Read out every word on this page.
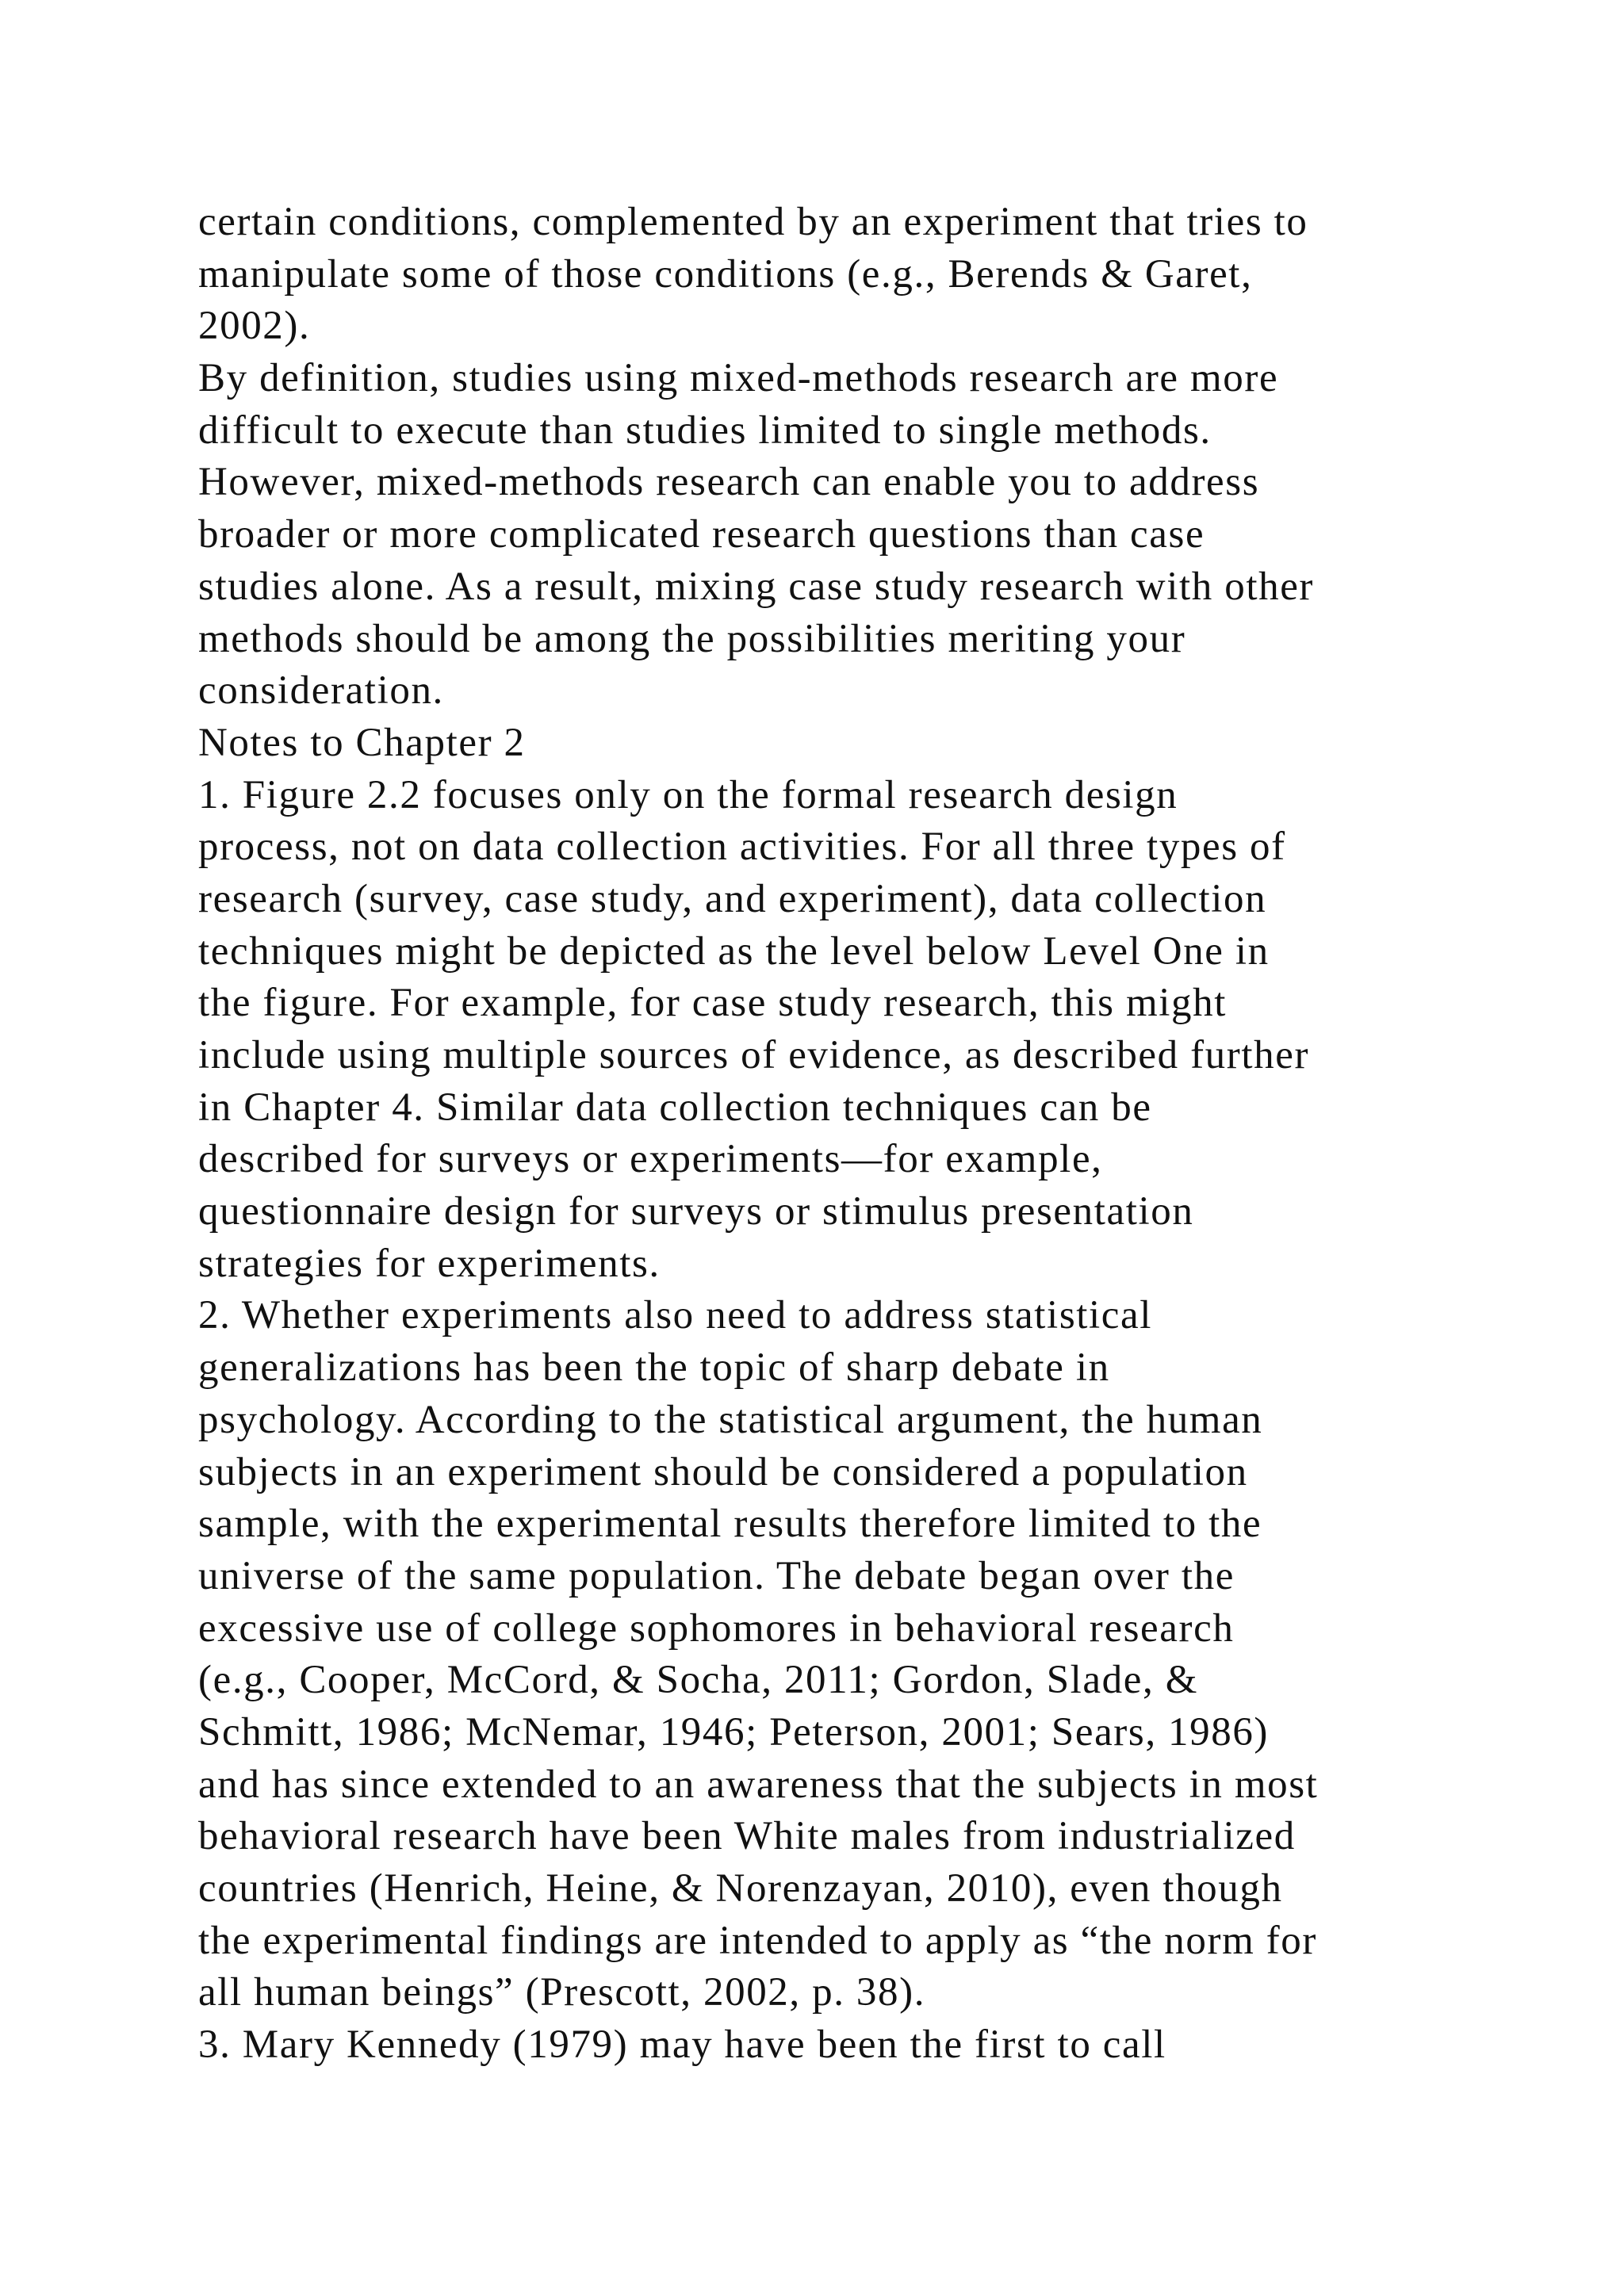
certain conditions, complemented by an experiment that tries to
manipulate some of those conditions (e.g., Berends & Garet,
2002).
By definition, studies using mixed-methods research are more
difficult to execute than studies limited to single methods.
However, mixed-methods research can enable you to address
broader or more complicated research questions than case
studies alone. As a result, mixing case study research with other
methods should be among the possibilities meriting your
consideration.
Notes to Chapter 2
1. Figure 2.2 focuses only on the formal research design
process, not on data collection activities. For all three types of
research (survey, case study, and experiment), data collection
techniques might be depicted as the level below Level One in
the figure. For example, for case study research, this might
include using multiple sources of evidence, as described further
in Chapter 4. Similar data collection techniques can be
described for surveys or experiments—for example,
questionnaire design for surveys or stimulus presentation
strategies for experiments.
2. Whether experiments also need to address statistical
generalizations has been the topic of sharp debate in
psychology. According to the statistical argument, the human
subjects in an experiment should be considered a population
sample, with the experimental results therefore limited to the
universe of the same population. The debate began over the
excessive use of college sophomores in behavioral research
(e.g., Cooper, McCord, & Socha, 2011; Gordon, Slade, &
Schmitt, 1986; McNemar, 1946; Peterson, 2001; Sears, 1986)
and has since extended to an awareness that the subjects in most
behavioral research have been White males from industrialized
countries (Henrich, Heine, & Norenzayan, 2010), even though
the experimental findings are intended to apply as “the norm for
all human beings” (Prescott, 2002, p. 38).
3. Mary Kennedy (1979) may have been the first to call
